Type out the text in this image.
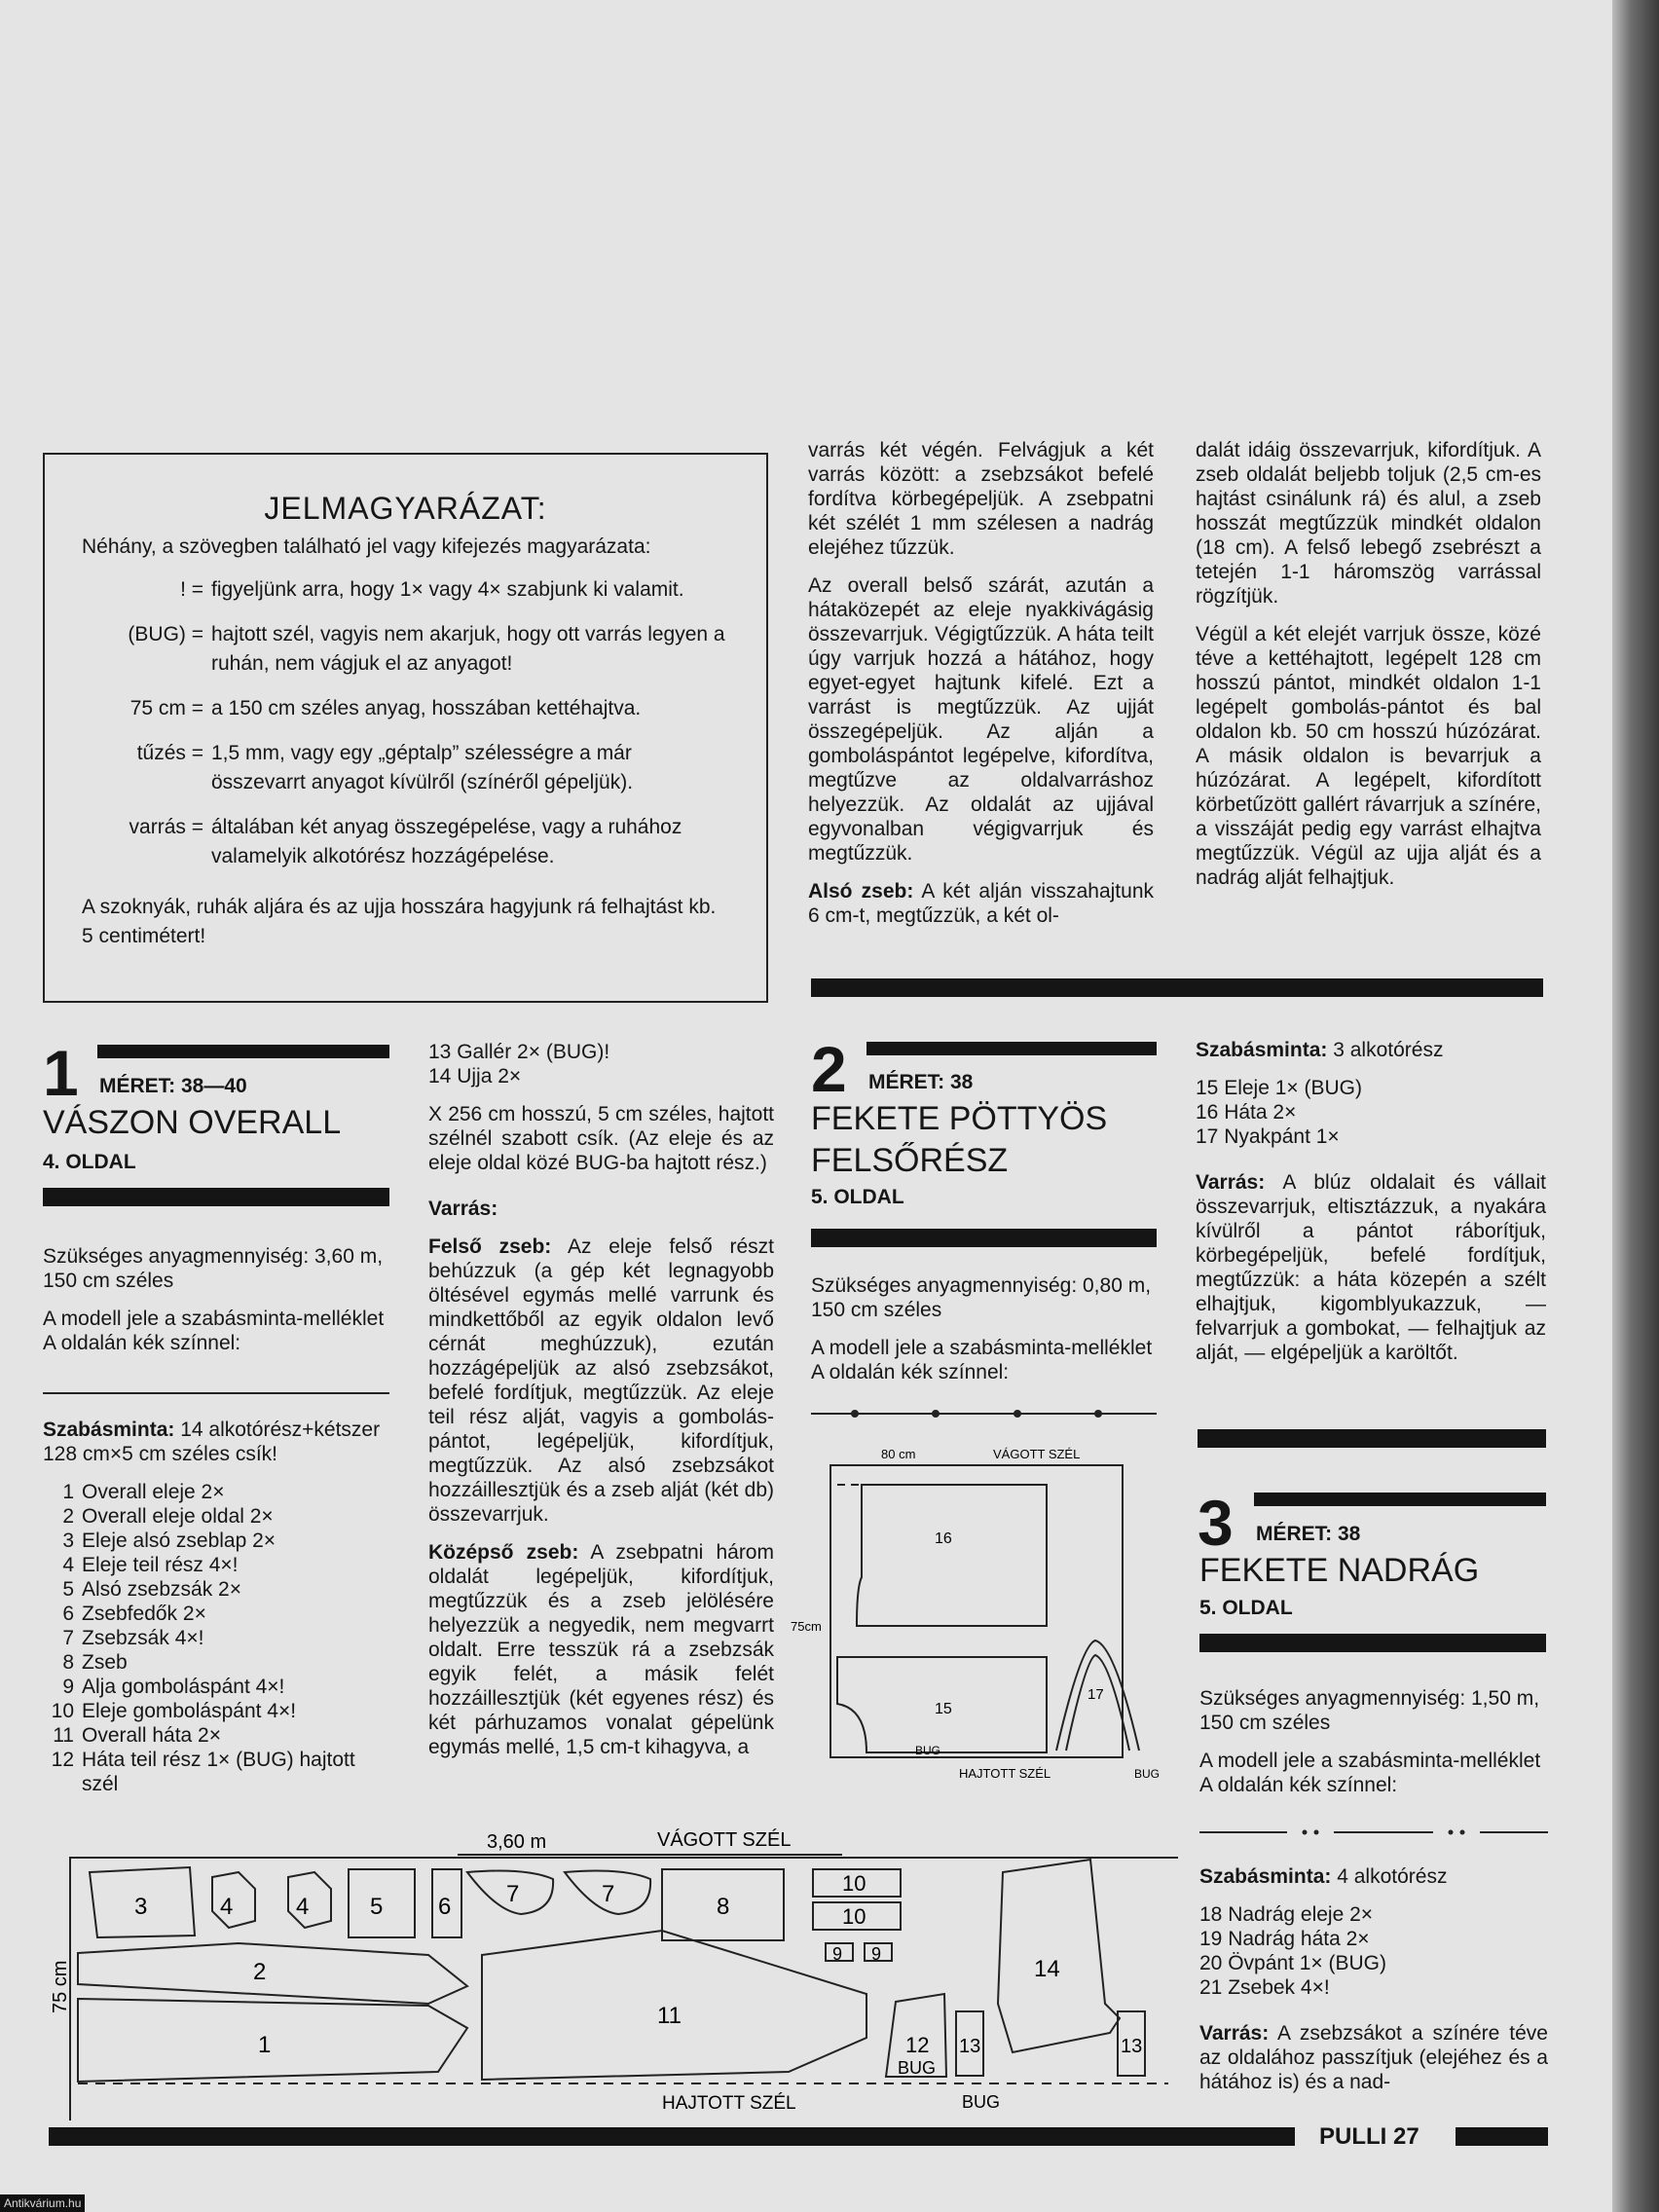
JELMAGYARÁZAT:
Néhány, a szövegben található jel vagy kifejezés magyarázata:
! = figyeljünk arra, hogy 1× vagy 4× szabjunk ki valamit.
(BUG) = hajtott szél, vagyis nem akarjuk, hogy ott varrás legyen a ruhán, nem vágjuk el az anyagot!
75 cm = a 150 cm széles anyag, hosszában kettéhajtva.
tűzés = 1,5 mm, vagy egy „géptalp” szélességre a már összevarrt anyagot kívülről (színéről gépeljük).
varrás = általában két anyag összegépelése, vagy a ruhához valamelyik alkotórész hozzágépelése.
A szoknyák, ruhák aljára és az ujja hosszára hagyjunk rá felhajtást kb. 5 centimétert!

varrás két végén. Felvágjuk a két varrás között: a zsebzsákot befelé fordítva körbegépeljük. A zsebpatni két szélét 1 mm szélesen a nadrág elejéhez tűzzük.

Az overall belső szárát, azután a hátaközepét az eleje nyakkivágásig összevarrjuk. Végigtűzzük. A háta teilt úgy varrjuk hozzá a hátához, hogy egyet-egyet hajtunk kifelé. Ezt a varrást is megtűzzük. Az ujját összegépeljük. Az alján a gomboláspántot legépelve, kifordítva, megtűzve az oldalvarráshoz helyezzük. Az oldalát az ujjával egyvonalban végigvarrjuk és megtűzzük.

Alsó zseb: A két alján visszahajtunk 6 cm-t, megtűzzük, a két ol-

dalát idáig összevarrjuk, kifordítjuk. A zseb oldalát beljebb toljuk (2,5 cm-es hajtást csinálunk rá) és alul, a zseb hosszát megtűzzük mindkét oldalon (18 cm). A felső lebegő zsebrészt a tetején 1-1 háromszög varrással rögzítjük.

Végül a két elejét varrjuk össze, közé téve a kettéhajtott, legépelt 128 cm hosszú pántot, mindkét oldalon 1-1 legépelt gombolás-pántot és bal oldalon kb. 50 cm hosszú húzózárat. A másik oldalon is bevarrjuk a húzózárat. A legépelt, kifordított körbetűzött gallért rávarrjuk a színére, a visszáját pedig egy varrást elhajtva megtűzzük. Végül az ujja alját és a nadrág alját felhajtjuk.

1 MÉRET: 38—40
VÁSZON OVERALL
4. OLDAL

Szükséges anyagmennyiség: 3,60 m, 150 cm széles

A modell jele a szabásminta-melléklet A oldalán kék színnel:

Szabásminta: 14 alkotórész+kétszer 128 cm×5 cm széles csík!

1 Overall eleje 2×
2 Overall eleje oldal 2×
3 Eleje alsó zseblap 2×
4 Eleje teil rész 4×!
5 Alsó zsebzsák 2×
6 Zsebfedők 2×
7 Zsebzsák 4×!
8 Zseb
9 Alja gomboláspánt 4×!
10 Eleje gomboláspánt 4×!
11 Overall háta 2×
12 Háta teil rész 1× (BUG) hajtott szél
13 Gallér 2× (BUG)!
14 Ujja 2×

X 256 cm hosszú, 5 cm széles, hajtott szélnél szabott csík. (Az eleje és az eleje oldal közé BUG-ba hajtott rész.)

Varrás:

Felső zseb: Az eleje felső részt behúzzuk (a gép két legnagyobb öltésével egymás mellé varrunk és mindkettőből az egyik oldalon levő cérnát meghúzzuk), ezután hozzágépeljük az alsó zsebzsákot, befelé fordítjuk, megtűzzük. Az eleje teil rész alját, vagyis a gomboláspántot, legépeljük, kifordítjuk, megtűzzük. Az alsó zsebzsákot hozzáillesztjük és a zseb alját (két db) összevarrjuk.

Középső zseb: A zsebpatni három oldalát legépeljük, kifordítjuk, megtűzzük és a zseb jelölésére helyezzük a negyedik, nem megvarrt oldalt. Erre tesszük rá a zsebzsák egyik felét, a másik felét hozzáillesztjük (két egyenes rész) és két párhuzamos vonalat gépelünk egymás mellé, 1,5 cm-t kihagyva, a

2 MÉRET: 38
FEKETE PÖTTYÖS
FELSŐRÉSZ
5. OLDAL

Szükséges anyagmennyiség: 0,80 m, 150 cm széles

A modell jele a szabásminta-melléklet A oldalán kék színnel:

80 cm	VÁGOTT SZÉL
75cm
16
15
17
BUG
BUG
HAJTOTT SZÉL

Szabásminta: 3 alkotórész

15 Eleje 1× (BUG)
16 Háta 2×
17 Nyakpánt 1×

Varrás: A blúz oldalait és vállait összevarrjuk, eltisztázzuk, a nyakára kívülről a pántot ráborítjuk, körbegépeljük, befelé fordítjuk, megtűzzük: a háta közepén a szélt elhajtjuk, kigomblyukazzuk, — felvarrjuk a gombokat, — felhajtjuk az alját, — elgépeljük a karöltőt.

3 MÉRET: 38
FEKETE NADRÁG
5. OLDAL

Szükséges anyagmennyiség: 1,50 m, 150 cm széles

A modell jele a szabásminta-melléklet A oldalán kék színnel:

Szabásminta: 4 alkotórész

18 Nadrág eleje 2×
19 Nadrág háta 2×
20 Övpánt 1× (BUG)
21 Zsebek 4×!

Varrás: A zsebzsákot a színére téve az oldalához passzítjuk (elejéhez és a hátához is) és a nad-

3,60 m	VÁGOTT SZÉL
75 cm
3	4	4	5 6 7	7	8
10
10
9 9
14
2
1
11
12 13	13
BUG
BUG
HAJTOTT SZÉL
PULLI 27
Antikvárium.hu
